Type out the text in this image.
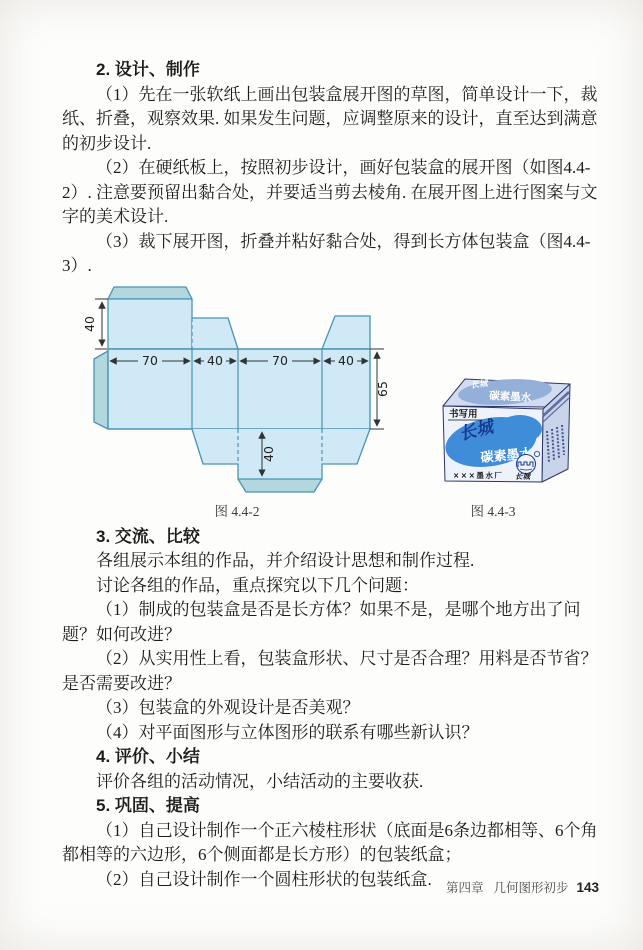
2. 设计、制作

（1）先在一张软纸上画出包装盒展开图的草图，简单设计一下，裁纸、折叠，观察效果. 如果发生问题，应调整原来的设计，直至达到满意的初步设计.

（2）在硬纸板上，按照初步设计，画好包装盒的展开图（如图4.4-2）. 注意要预留出黏合处，并要适当剪去棱角. 在展开图上进行图案与文字的美术设计.

（3）裁下展开图，折叠并粘好黏合处，得到长方体包装盒（图4.4-3）.

70	40	70	40
40
65
40
长城
碳素墨水
书写用
长城
碳素墨水
×××墨水厂 长城
图 4.4-2	图 4.4-3

3. 交流、比较

各组展示本组的作品，并介绍设计思想和制作过程.

讨论各组的作品，重点探究以下几个问题：

（1）制成的包装盒是否是长方体？如果不是，是哪个地方出了问题？如何改进？

（2）从实用性上看，包装盒形状、尺寸是否合理？用料是否节省？是否需要改进？

（3）包装盒的外观设计是否美观？

（4）对平面图形与立体图形的联系有哪些新认识？

4. 评价、小结

评价各组的活动情况，小结活动的主要收获.

5. 巩固、提高

（1）自己设计制作一个正六棱柱形状（底面是6条边都相等、6个角都相等的六边形，6个侧面都是长方形）的包装纸盒；

（2）自己设计制作一个圆柱形状的包装纸盒.	第四章 几何图形初步 143
